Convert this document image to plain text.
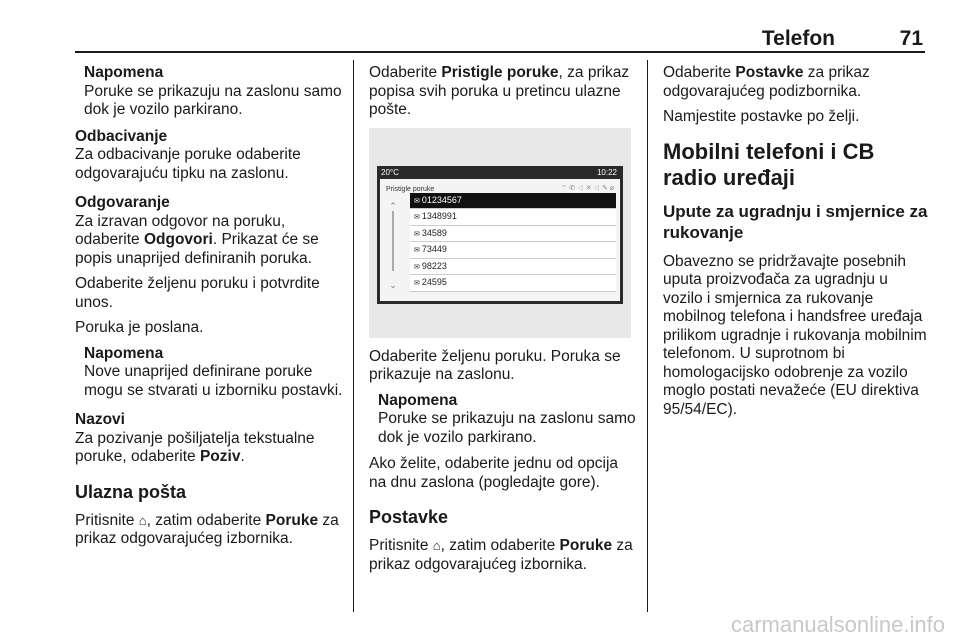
Telefon	71
Napomena
Poruke se prikazuju na zaslonu samo dok je vozilo parkirano.
Odbacivanje

Za odbacivanje poruke odaberite odgovarajuću tipku na zaslonu.

Odgovaranje

Za izravan odgovor na poruku, odaberite Odgovori. Prikazat će se popis unaprijed definiranih poruka.

Odaberite željenu poruku i potvrdite unos.

Poruka je poslana.

Napomena
Nove unaprijed definirane poruke mogu se stvarati u izborniku postavki.
Nazovi

Za pozivanje pošiljatelja tekstualne poruke, odaberite Poziv.

Ulazna pošta

Pritisnite ⌂, zatim odaberite Poruke za prikaz odgovarajućeg izbornika.

Odaberite Pristigle poruke, za prikaz popisa svih poruka u pretincu ulazne pošte.

20°C	10:22
Pristigle poruke	⌔ ✆ ◁ ✕ ◁ ✎ ⌀
⌃
⌄
✉ 01234567
✉ 1348991
✉ 34589
✉ 73449
✉ 98223
✉ 24595

Odaberite željenu poruku. Poruka se prikazuje na zaslonu.

Napomena
Poruke se prikazuju na zaslonu samo dok je vozilo parkirano.

Ako želite, odaberite jednu od opcija na dnu zaslona (pogledajte gore).

Postavke

Pritisnite ⌂, zatim odaberite Poruke za prikaz odgovarajućeg izbornika.

Odaberite Postavke za prikaz odgovarajućeg podizbornika.

Namjestite postavke po želji.

Mobilni telefoni i CB radio uređaji
Upute za ugradnju i smjernice za rukovanje

Obavezno se pridržavajte posebnih uputa proizvođača za ugradnju u vozilo i smjernica za rukovanje mobilnog telefona i handsfree uređaja prilikom ugradnje i rukovanja mobilnim telefonom. U suprotnom bi homologacijsko odobrenje za vozilo moglo postati nevažeće (EU direktiva 95/54/EC).

carmanualsonline.info
